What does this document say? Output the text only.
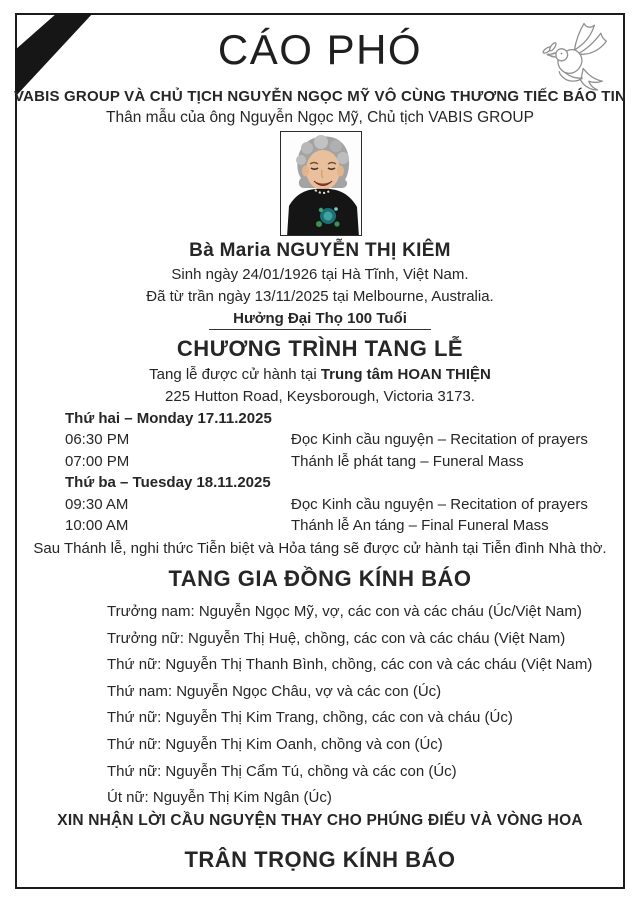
CÁO PHÓ
VABIS GROUP VÀ CHỦ TỊCH NGUYỄN NGỌC MỸ VÔ CÙNG THƯƠNG TIẾC BÁO TIN
Thân mẫu của ông Nguyễn Ngọc Mỹ, Chủ tịch VABIS GROUP
Bà Maria NGUYỄN THỊ KIÊM
Sinh ngày 24/01/1926 tại Hà Tĩnh, Việt Nam.
Đã từ trần ngày 13/11/2025 tại Melbourne, Australia.
Hưởng Đại Thọ 100 Tuổi
CHƯƠNG TRÌNH TANG LỄ
Tang lễ được cử hành tại Trung tâm HOAN THIỆN
225 Hutton Road, Keysborough, Victoria 3173.
Thứ hai – Monday 17.11.2025
06:30 PM	Đọc Kinh cầu nguyện – Recitation of prayers
07:00 PM	Thánh lễ phát tang – Funeral Mass
Thứ ba – Tuesday 18.11.2025
09:30 AM	Đọc Kinh cầu nguyện – Recitation of prayers
10:00 AM	Thánh lễ An táng – Final Funeral Mass
Sau Thánh lễ, nghi thức Tiễn biệt và Hỏa táng sẽ được cử hành tại Tiễn đình Nhà thờ.
TANG GIA ĐỒNG KÍNH BÁO
Trưởng nam: Nguyễn Ngọc Mỹ, vợ, các con và các cháu (Úc/Việt Nam)
Trưởng nữ: Nguyễn Thị Huệ, chồng, các con và các cháu (Việt Nam)
Thứ nữ: Nguyễn Thị Thanh Bình, chồng, các con và các cháu (Việt Nam)
Thứ nam: Nguyễn Ngọc Châu, vợ và các con (Úc)
Thứ nữ: Nguyễn Thị Kim Trang, chồng, các con và cháu (Úc)
Thứ nữ: Nguyễn Thị Kim Oanh, chồng và con (Úc)
Thứ nữ: Nguyễn Thị Cẩm Tú, chồng và các con (Úc)
Út nữ: Nguyễn Thị Kim Ngân (Úc)
XIN NHẬN LỜI CẦU NGUYỆN THAY CHO PHÚNG ĐIẾU VÀ VÒNG HOA
TRÂN TRỌNG KÍNH BÁO
